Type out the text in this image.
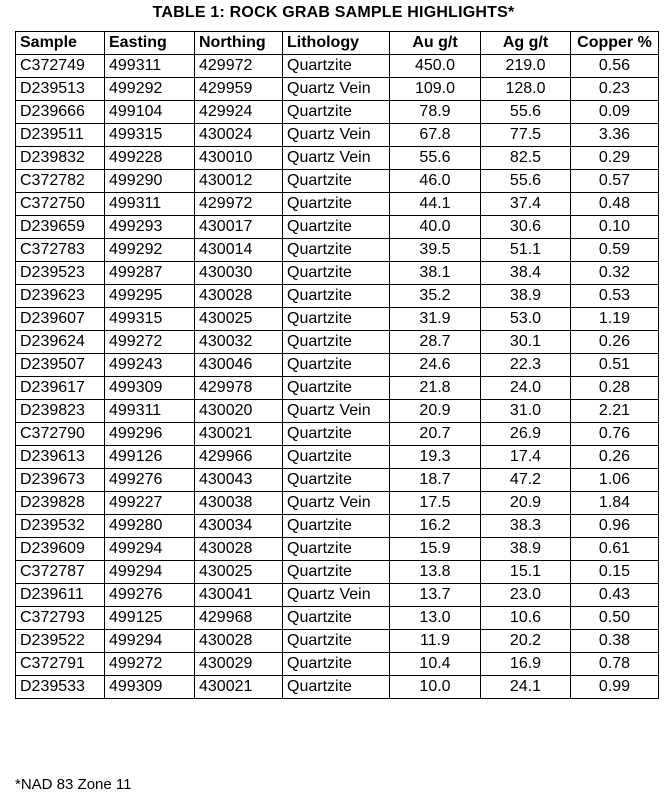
TABLE 1: ROCK GRAB SAMPLE HIGHLIGHTS*
Sample	Easting	Northing	Lithology	Au g/t	Ag g/t	Copper %
C372749	499311	429972	Quartzite	450.0	219.0	0.56
D239513	499292	429959	Quartz Vein	109.0	128.0	0.23
D239666	499104	429924	Quartzite	78.9	55.6	0.09
D239511	499315	430024	Quartz Vein	67.8	77.5	3.36
D239832	499228	430010	Quartz Vein	55.6	82.5	0.29
C372782	499290	430012	Quartzite	46.0	55.6	0.57
C372750	499311	429972	Quartzite	44.1	37.4	0.48
D239659	499293	430017	Quartzite	40.0	30.6	0.10
C372783	499292	430014	Quartzite	39.5	51.1	0.59
D239523	499287	430030	Quartzite	38.1	38.4	0.32
D239623	499295	430028	Quartzite	35.2	38.9	0.53
D239607	499315	430025	Quartzite	31.9	53.0	1.19
D239624	499272	430032	Quartzite	28.7	30.1	0.26
D239507	499243	430046	Quartzite	24.6	22.3	0.51
D239617	499309	429978	Quartzite	21.8	24.0	0.28
D239823	499311	430020	Quartz Vein	20.9	31.0	2.21
C372790	499296	430021	Quartzite	20.7	26.9	0.76
D239613	499126	429966	Quartzite	19.3	17.4	0.26
D239673	499276	430043	Quartzite	18.7	47.2	1.06
D239828	499227	430038	Quartz Vein	17.5	20.9	1.84
D239532	499280	430034	Quartzite	16.2	38.3	0.96
D239609	499294	430028	Quartzite	15.9	38.9	0.61
C372787	499294	430025	Quartzite	13.8	15.1	0.15
D239611	499276	430041	Quartz Vein	13.7	23.0	0.43
C372793	499125	429968	Quartzite	13.0	10.6	0.50
D239522	499294	430028	Quartzite	11.9	20.2	0.38
C372791	499272	430029	Quartzite	10.4	16.9	0.78
D239533	499309	430021	Quartzite	10.0	24.1	0.99
*NAD 83 Zone 11
